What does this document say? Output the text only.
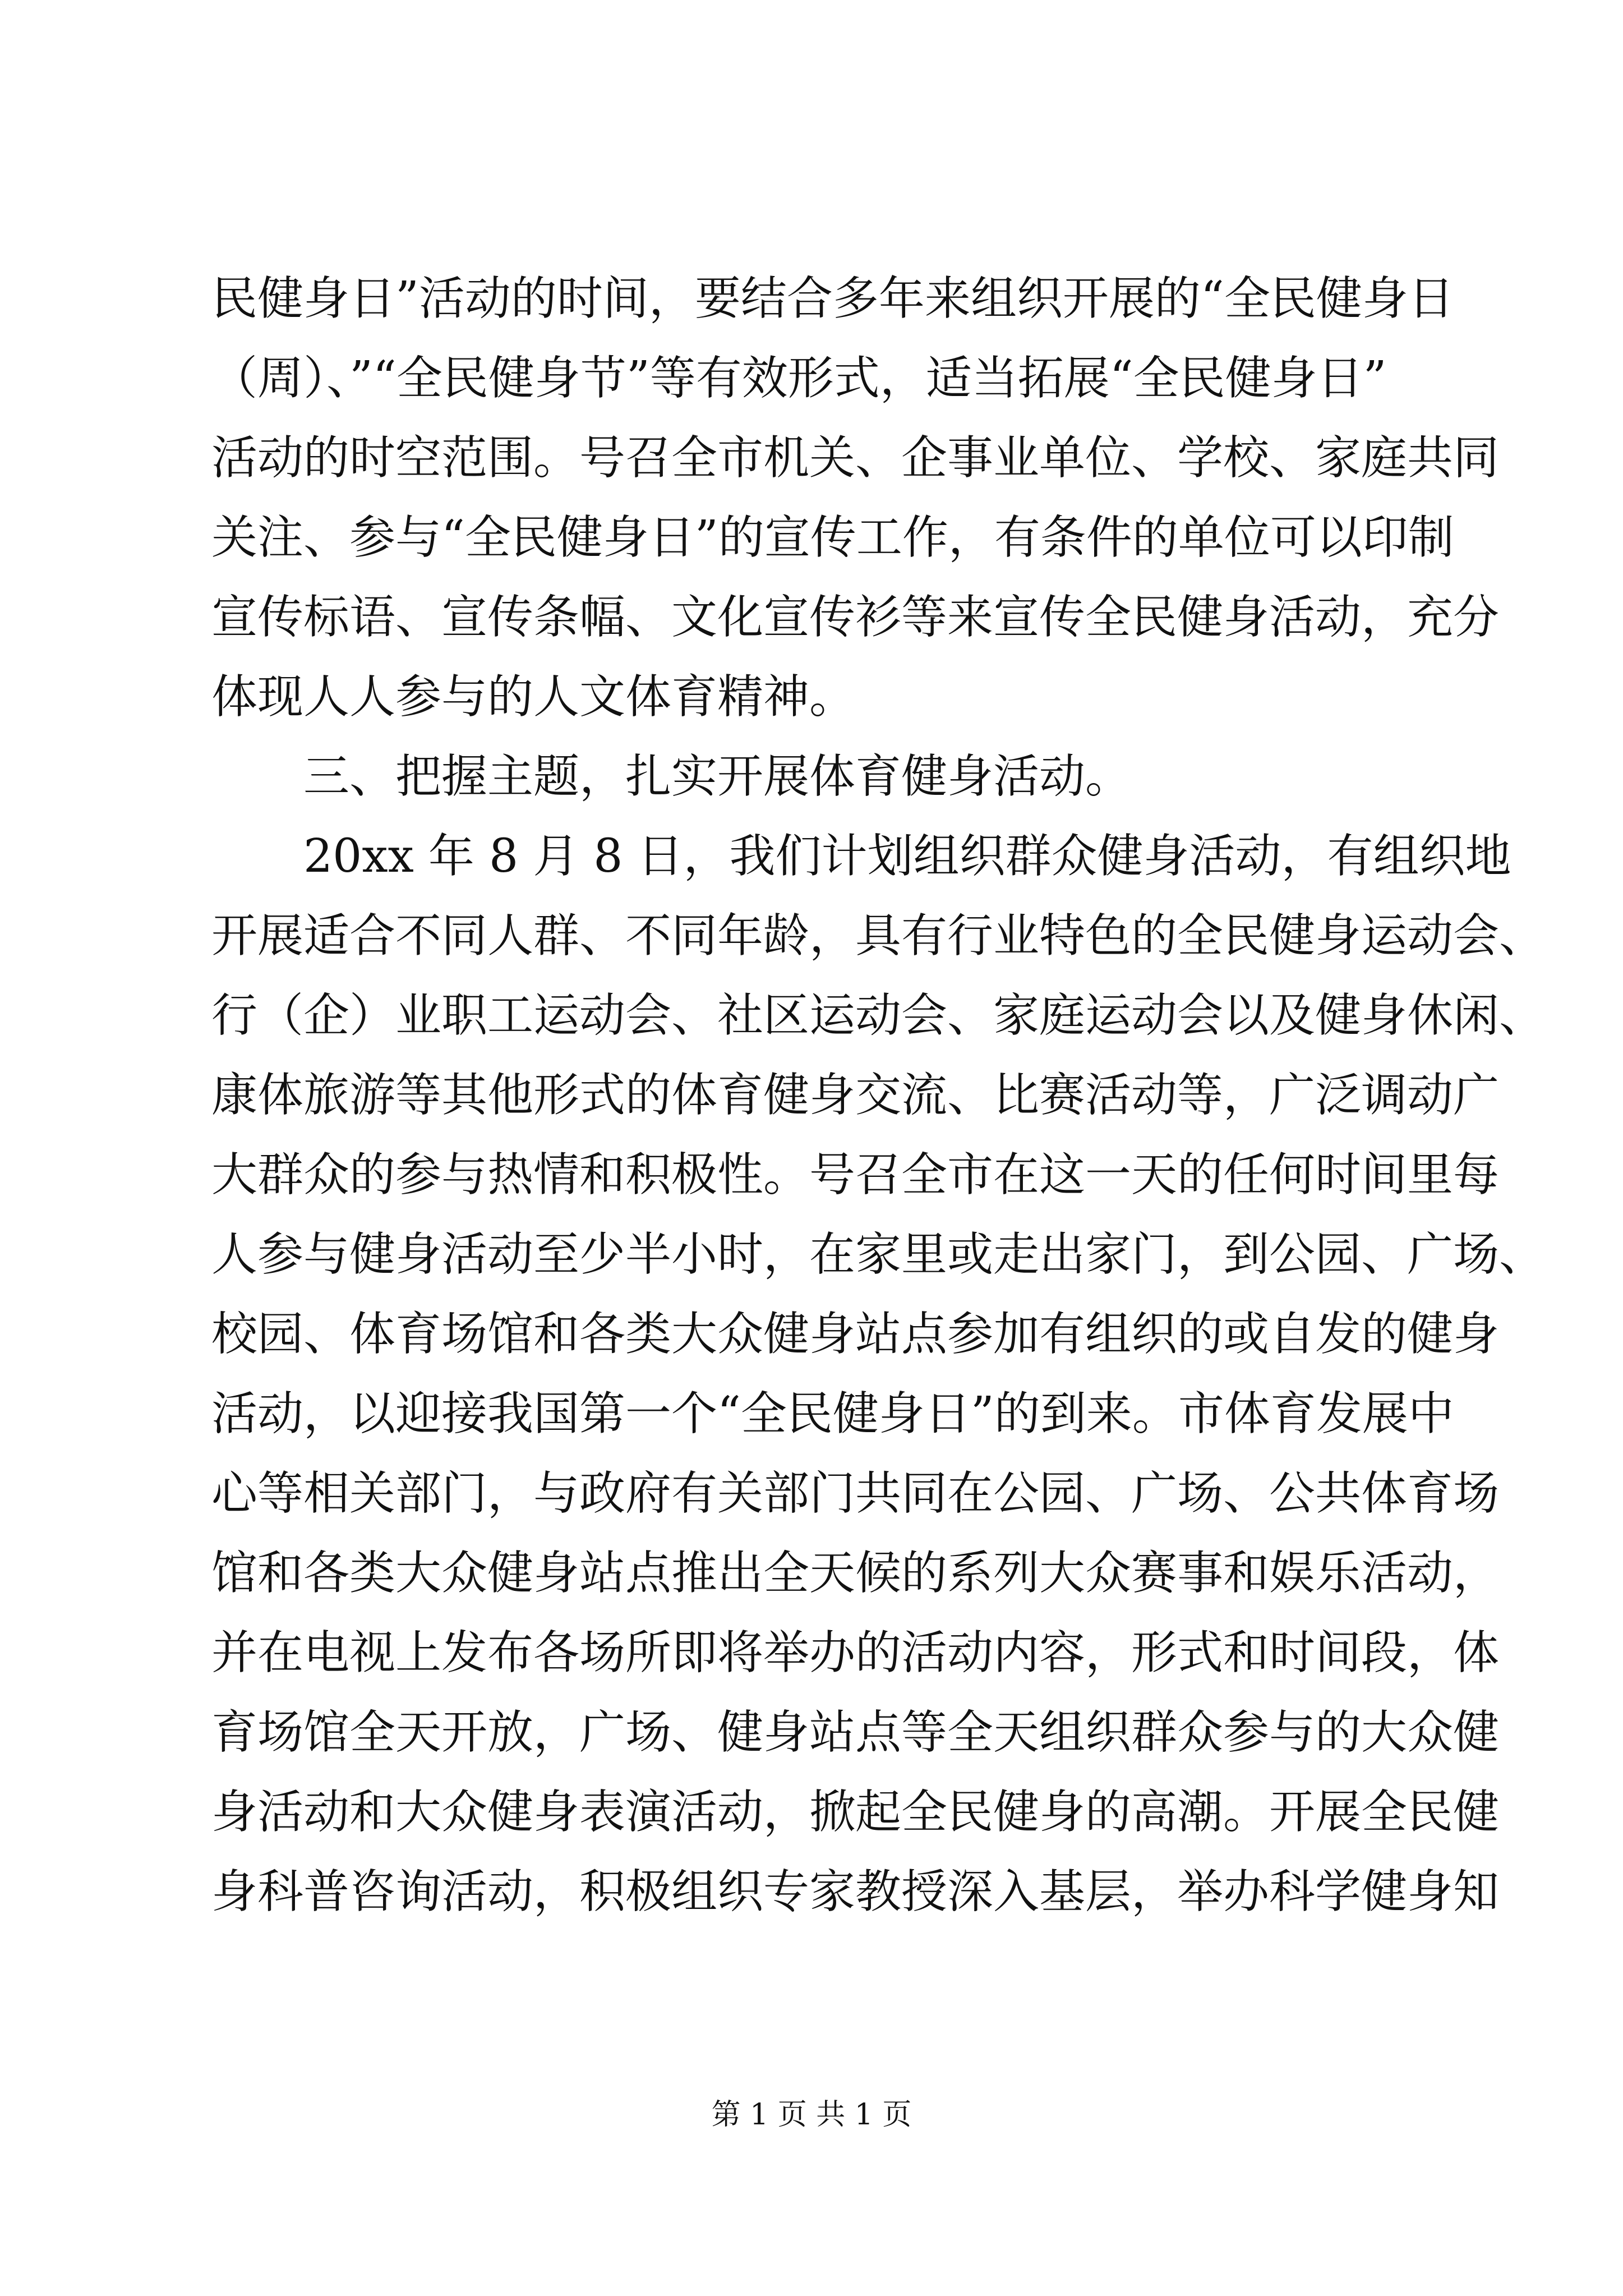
民健身日”活动的时间，要结合多年来组织开展的“全民健身日
（周）、”“全民健身节”等有效形式，适当拓展“全民健身日”
活动的时空范围。号召全市机关、企事业单位、学校、家庭共同
关注、参与“全民健身日”的宣传工作，有条件的单位可以印制
宣传标语、宣传条幅、文化宣传衫等来宣传全民健身活动，充分
体现人人参与的人文体育精神。
三、把握主题，扎实开展体育健身活动。
20xx 年 8 月 8 日，我们计划组织群众健身活动，有组织地
开展适合不同人群、不同年龄，具有行业特色的全民健身运动会、
行（企）业职工运动会、社区运动会、家庭运动会以及健身休闲、
康体旅游等其他形式的体育健身交流、比赛活动等，广泛调动广
大群众的参与热情和积极性。号召全市在这一天的任何时间里每
人参与健身活动至少半小时，在家里或走出家门，到公园、广场、
校园、体育场馆和各类大众健身站点参加有组织的或自发的健身
活动，以迎接我国第一个“全民健身日”的到来。市体育发展中
心等相关部门，与政府有关部门共同在公园、广场、公共体育场
馆和各类大众健身站点推出全天候的系列大众赛事和娱乐活动，
并在电视上发布各场所即将举办的活动内容，形式和时间段，体
育场馆全天开放，广场、健身站点等全天组织群众参与的大众健
身活动和大众健身表演活动，掀起全民健身的高潮。开展全民健
身科普咨询活动，积极组织专家教授深入基层，举办科学健身知
第 1 页 共 1 页
